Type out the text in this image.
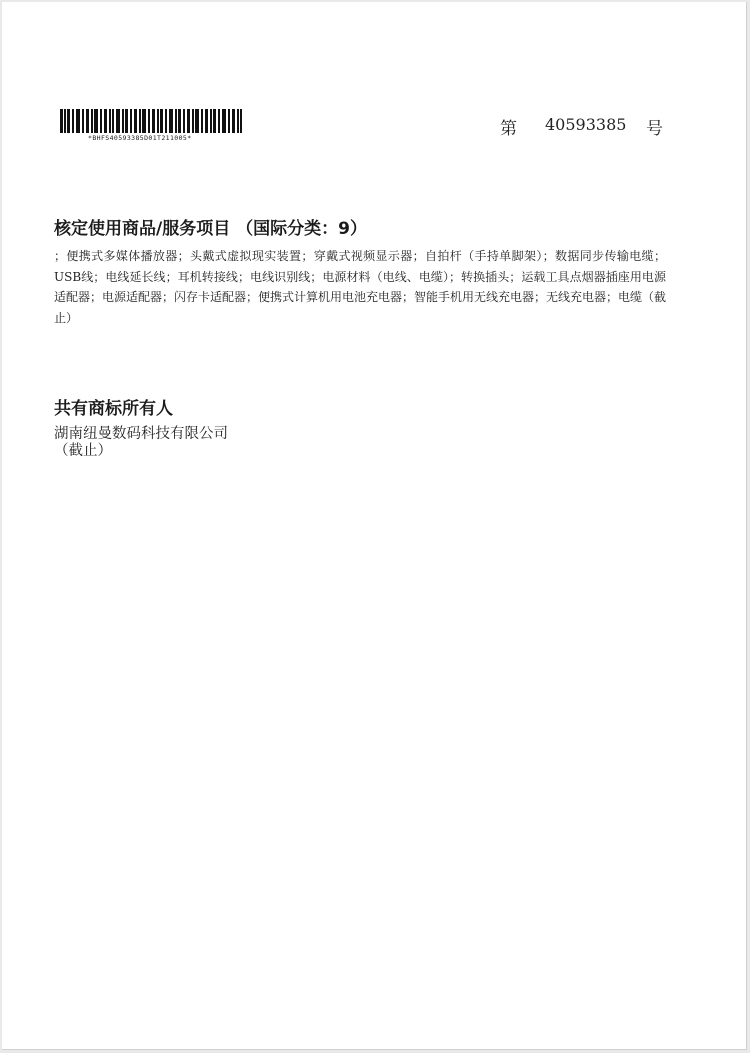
*BHFS40593385D01T211005*	第 40593385 号
核定使用商品/服务项目 （国际分类：9）
；便携式多媒体播放器；头戴式虚拟现实装置；穿戴式视频显示器；自拍杆（手持单脚架）；数据同步传输电缆；USB线；电线延长线；耳机转接线；电线识别线；电源材料（电线、电缆）；转换插头；运载工具点烟器插座用电源适配器；电源适配器；闪存卡适配器；便携式计算机用电池充电器；智能手机用无线充电器；无线充电器；电缆（截止）
共有商标所有人
湖南纽曼数码科技有限公司
（截止）
